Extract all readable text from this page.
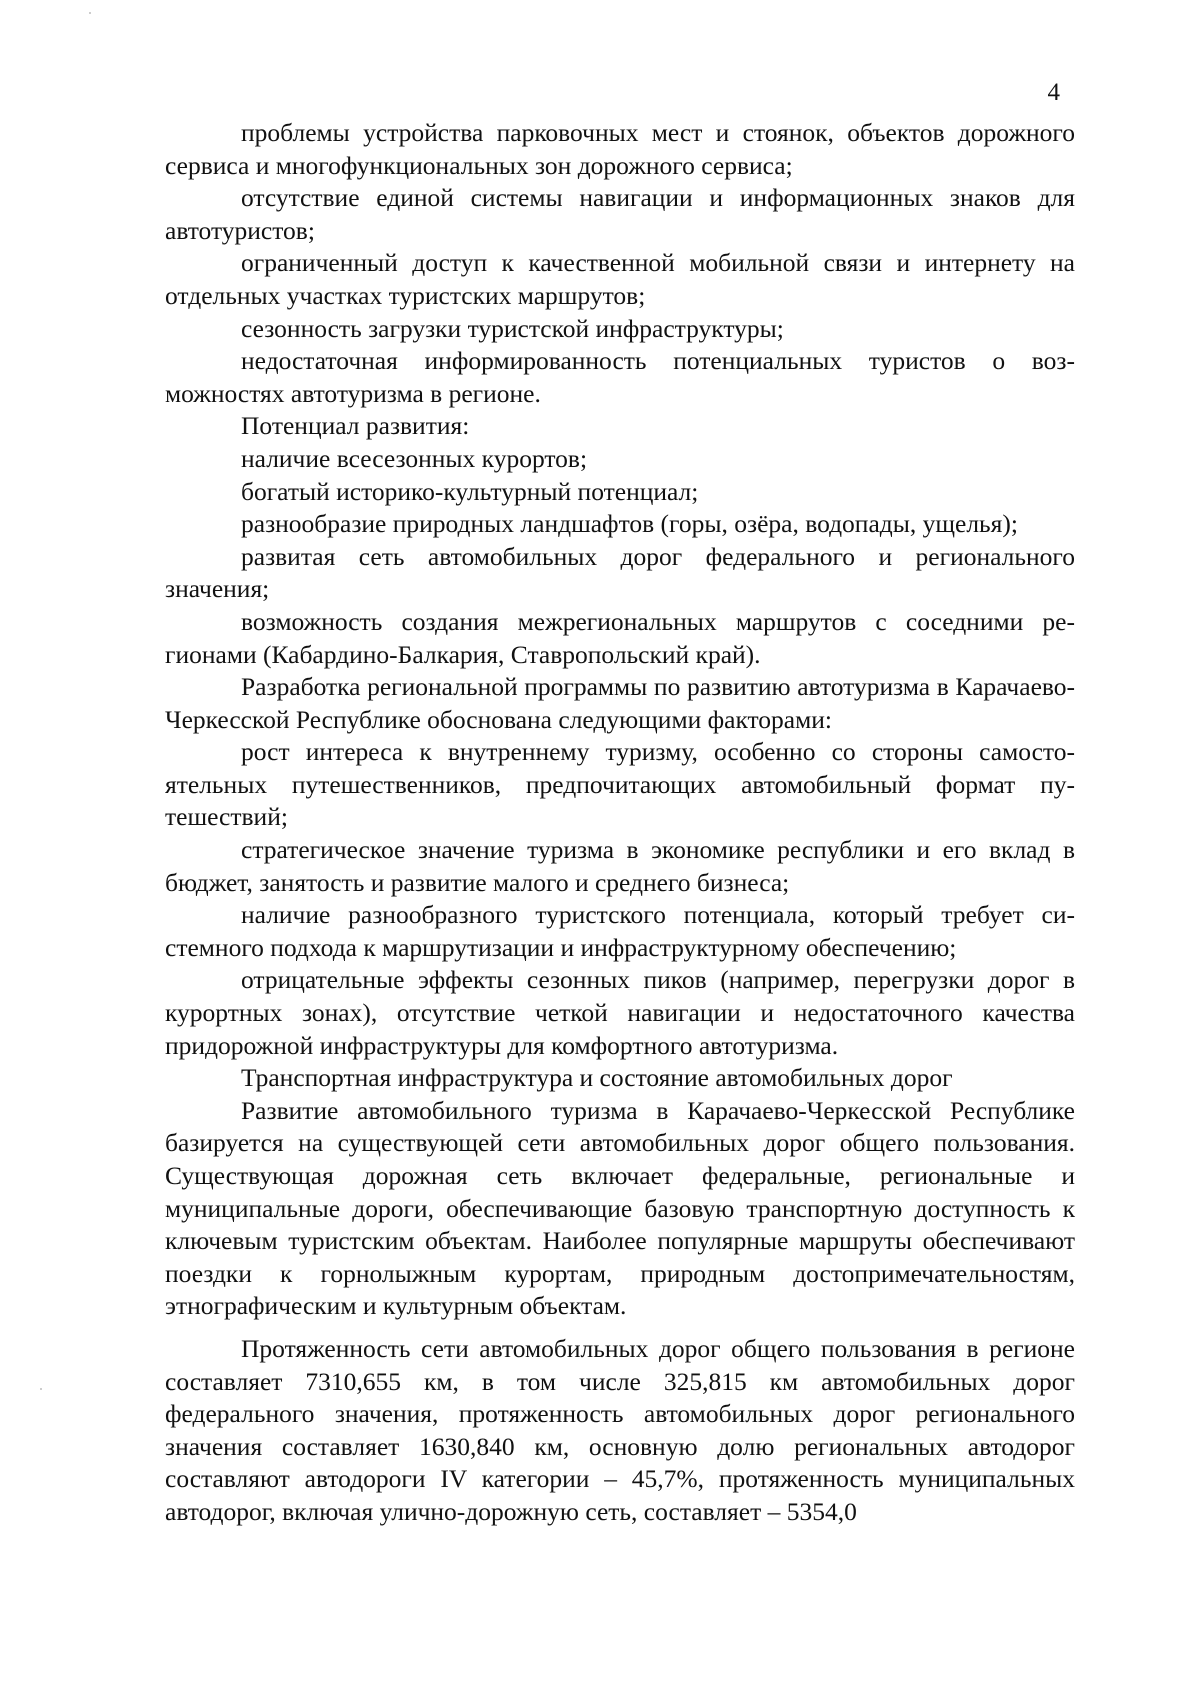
4

проблемы устройства парковочных мест и стоянок, объектов дорожного сервиса и многофункциональных зон дорожного сервиса;

отсутствие единой системы навигации и информационных знаков для автотуристов;

ограниченный доступ к качественной мобильной связи и интернету на отдельных участках туристских маршрутов;

сезонность загрузки туристской инфраструктуры;

недостаточная информированность потенциальных туристов о возможностях автотуризма в регионе.

Потенциал развития:

наличие всесезонных курортов;

богатый историко-культурный потенциал;

разнообразие природных ландшафтов (горы, озёра, водопады, ущелья);

развитая сеть автомобильных дорог федерального и регионального значения;

возможность создания межрегиональных маршрутов с соседними регионами (Кабардино-Балкария, Ставропольский край).

Разработка региональной программы по развитию автотуризма в Карачаево-Черкесской Республике обоснована следующими факторами:

рост интереса к внутреннему туризму, особенно со стороны самостоятельных путешественников, предпочитающих автомобильный формат путешествий;

стратегическое значение туризма в экономике республики и его вклад в бюджет, занятость и развитие малого и среднего бизнеса;

наличие разнообразного туристского потенциала, который требует системного подхода к маршрутизации и инфраструктурному обеспечению;

отрицательные эффекты сезонных пиков (например, перегрузки дорог в курортных зонах), отсутствие четкой навигации и недостаточного качества придорожной инфраструктуры для комфортного автотуризма.

Транспортная инфраструктура и состояние автомобильных дорог

Развитие автомобильного туризма в Карачаево-Черкесской Республике базируется на существующей сети автомобильных дорог общего пользования. Существующая дорожная сеть включает федеральные, региональные и муниципальные дороги, обеспечивающие базовую транспортную доступность к ключевым туристским объектам. Наиболее популярные маршруты обеспечивают поездки к горнолыжным курортам, природным достопримечательностям, этнографическим и культурным объектам.

Протяженность сети автомобильных дорог общего пользования в регионе составляет 7310,655 км, в том числе 325,815 км автомобильных дорог федерального значения, протяженность автомобильных дорог регионального значения составляет 1630,840 км, основную долю региональных автодорог составляют автодороги IV категории – 45,7%, протяженность муниципальных автодорог, включая улично-дорожную сеть, составляет – 5354,0
